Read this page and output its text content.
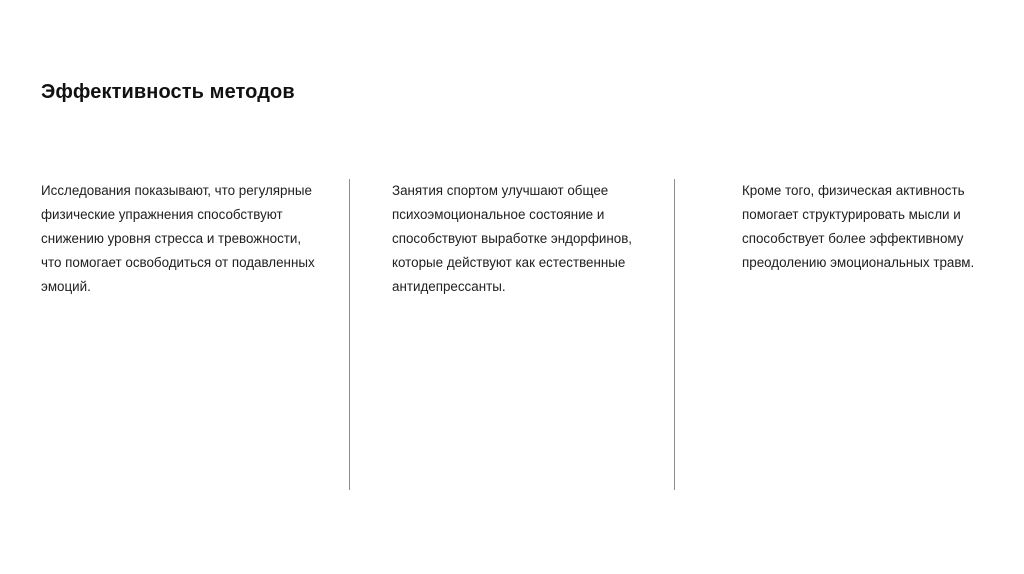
Эффективность методов
Исследования показывают, что регулярные физические упражнения способствуют снижению уровня стресса и тревожности, что помогает освободиться от подавленных эмоций.
Занятия спортом улучшают общее психоэмоциональное состояние и способствуют выработке эндорфинов, которые действуют как естественные антидепрессанты.
Кроме того, физическая активность помогает структурировать мысли и способствует более эффективному преодолению эмоциональных травм.
